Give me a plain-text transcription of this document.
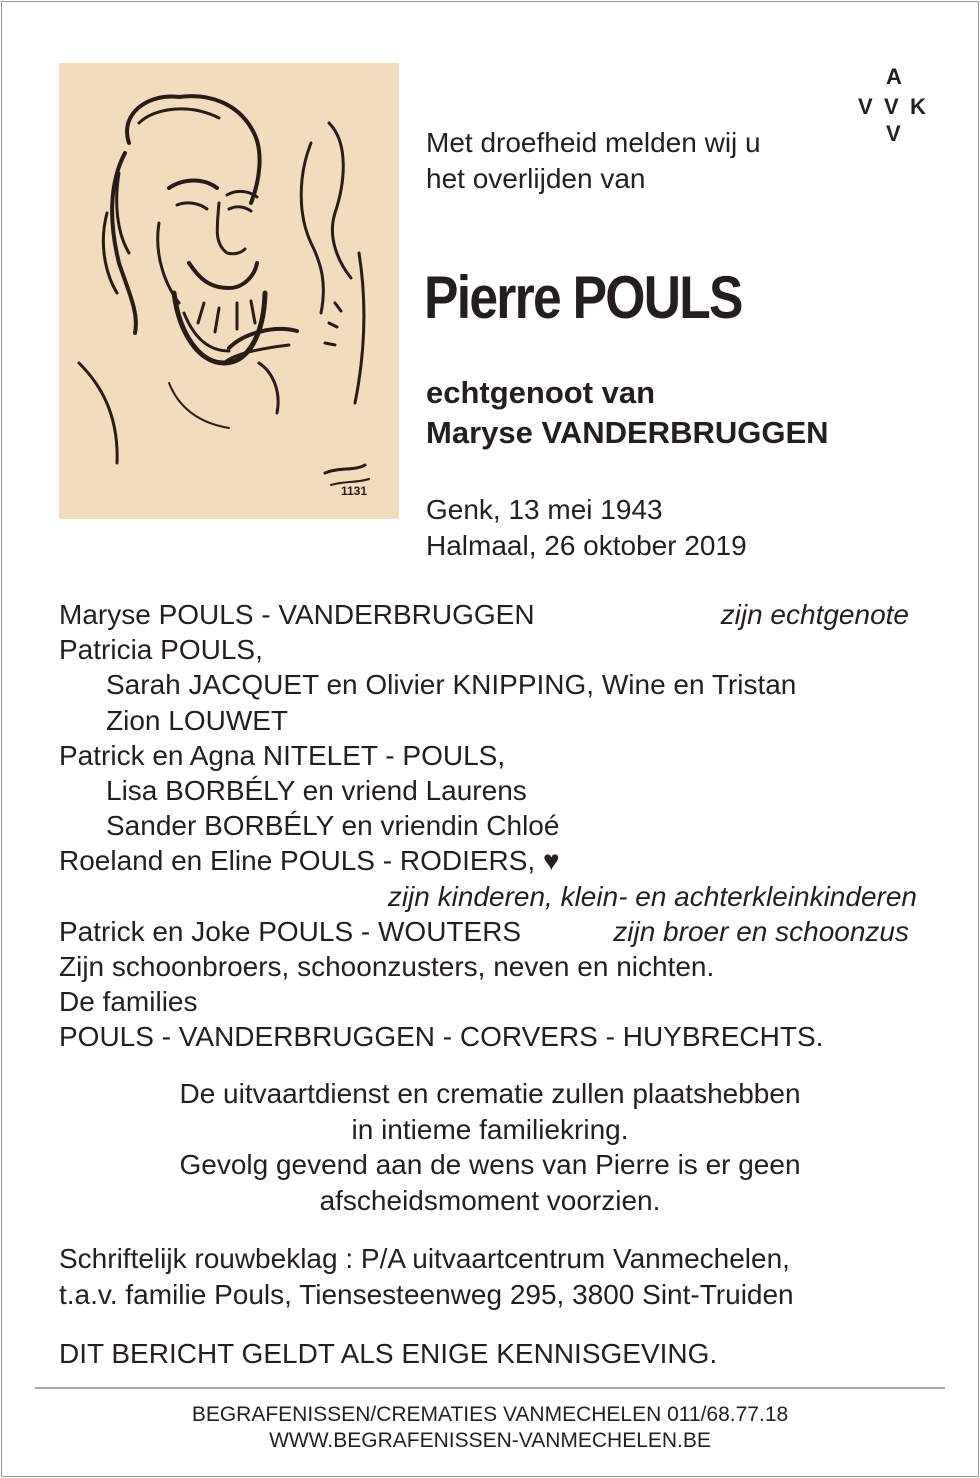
1131
A
V V K
V
Met droefheid melden wij u
het overlijden van
Pierre POULS
echtgenoot van
Maryse VANDERBRUGGEN
Genk, 13 mei 1943
Halmaal, 26 oktober 2019
Maryse POULS - VANDERBRUGGEN	zijn echtgenote
Patricia POULS,
Sarah JACQUET en Olivier KNIPPING, Wine en Tristan
Zion LOUWET
Patrick en Agna NITELET - POULS,
Lisa BORBÉLY en vriend Laurens
Sander BORBÉLY en vriendin Chloé
Roeland en Eline POULS - RODIERS, ♥
zijn kinderen, klein- en achterkleinkinderen
Patrick en Joke POULS - WOUTERS	zijn broer en schoonzus
Zijn schoonbroers, schoonzusters, neven en nichten.
De families
POULS - VANDERBRUGGEN - CORVERS - HUYBRECHTS.
De uitvaartdienst en crematie zullen plaatshebben
in intieme familiekring.
Gevolg gevend aan de wens van Pierre is er geen
afscheidsmoment voorzien.
Schriftelijk rouwbeklag : P/A uitvaartcentrum Vanmechelen,
t.a.v. familie Pouls, Tiensesteenweg 295, 3800 Sint-Truiden
DIT BERICHT GELDT ALS ENIGE KENNISGEVING.
BEGRAFENISSEN/CREMATIES VANMECHELEN 011/68.77.18
WWW.BEGRAFENISSEN-VANMECHELEN.BE
